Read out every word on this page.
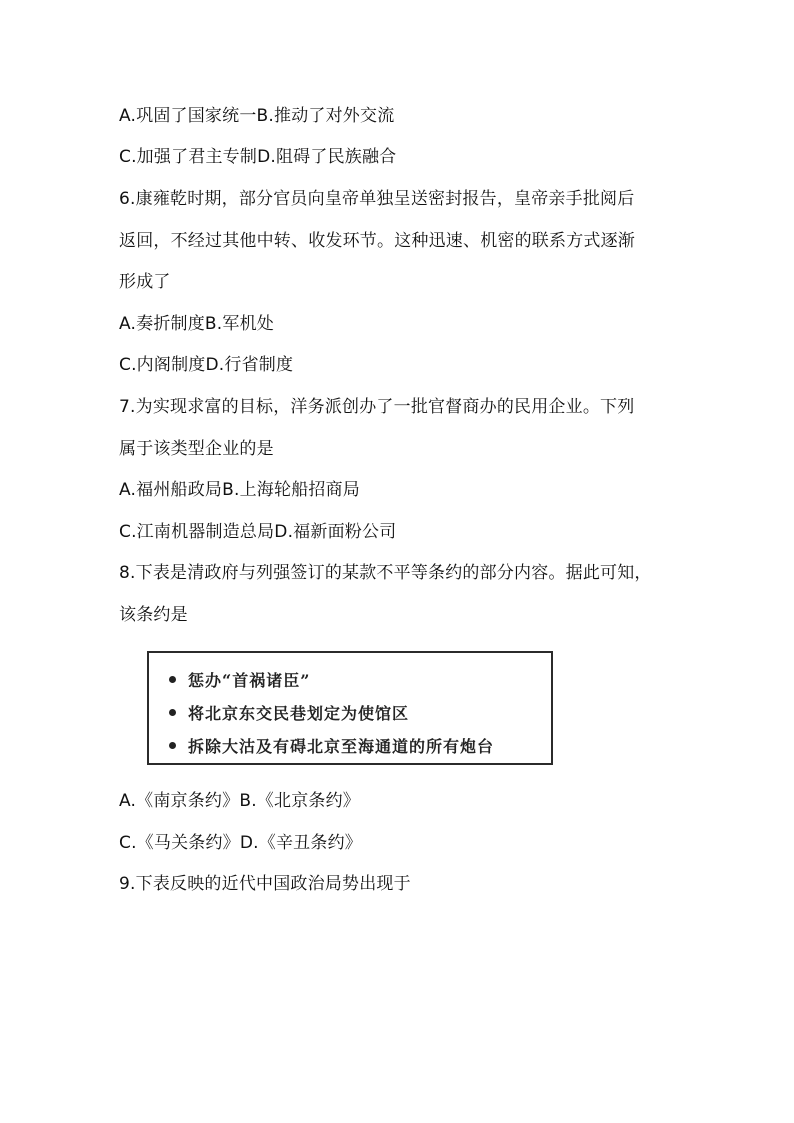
A.巩固了国家统一B.推动了对外交流
C.加强了君主专制D.阻碍了民族融合
6.康雍乾时期，部分官员向皇帝单独呈送密封报告，皇帝亲手批阅后
返回，不经过其他中转、收发环节。这种迅速、机密的联系方式逐渐
形成了
A.奏折制度B.军机处
C.内阁制度D.行省制度
7.为实现求富的目标，洋务派创办了一批官督商办的民用企业。下列
属于该类型企业的是
A.福州船政局B.上海轮船招商局
C.江南机器制造总局D.福新面粉公司
8.下表是清政府与列强签订的某款不平等条约的部分内容。据此可知，
该条约是
惩办“首祸诸臣”
将北京东交民巷划定为使馆区
拆除大沽及有碍北京至海通道的所有炮台
A.《南京条约》B.《北京条约》
C.《马关条约》D.《辛丑条约》
9.下表反映的近代中国政治局势出现于
